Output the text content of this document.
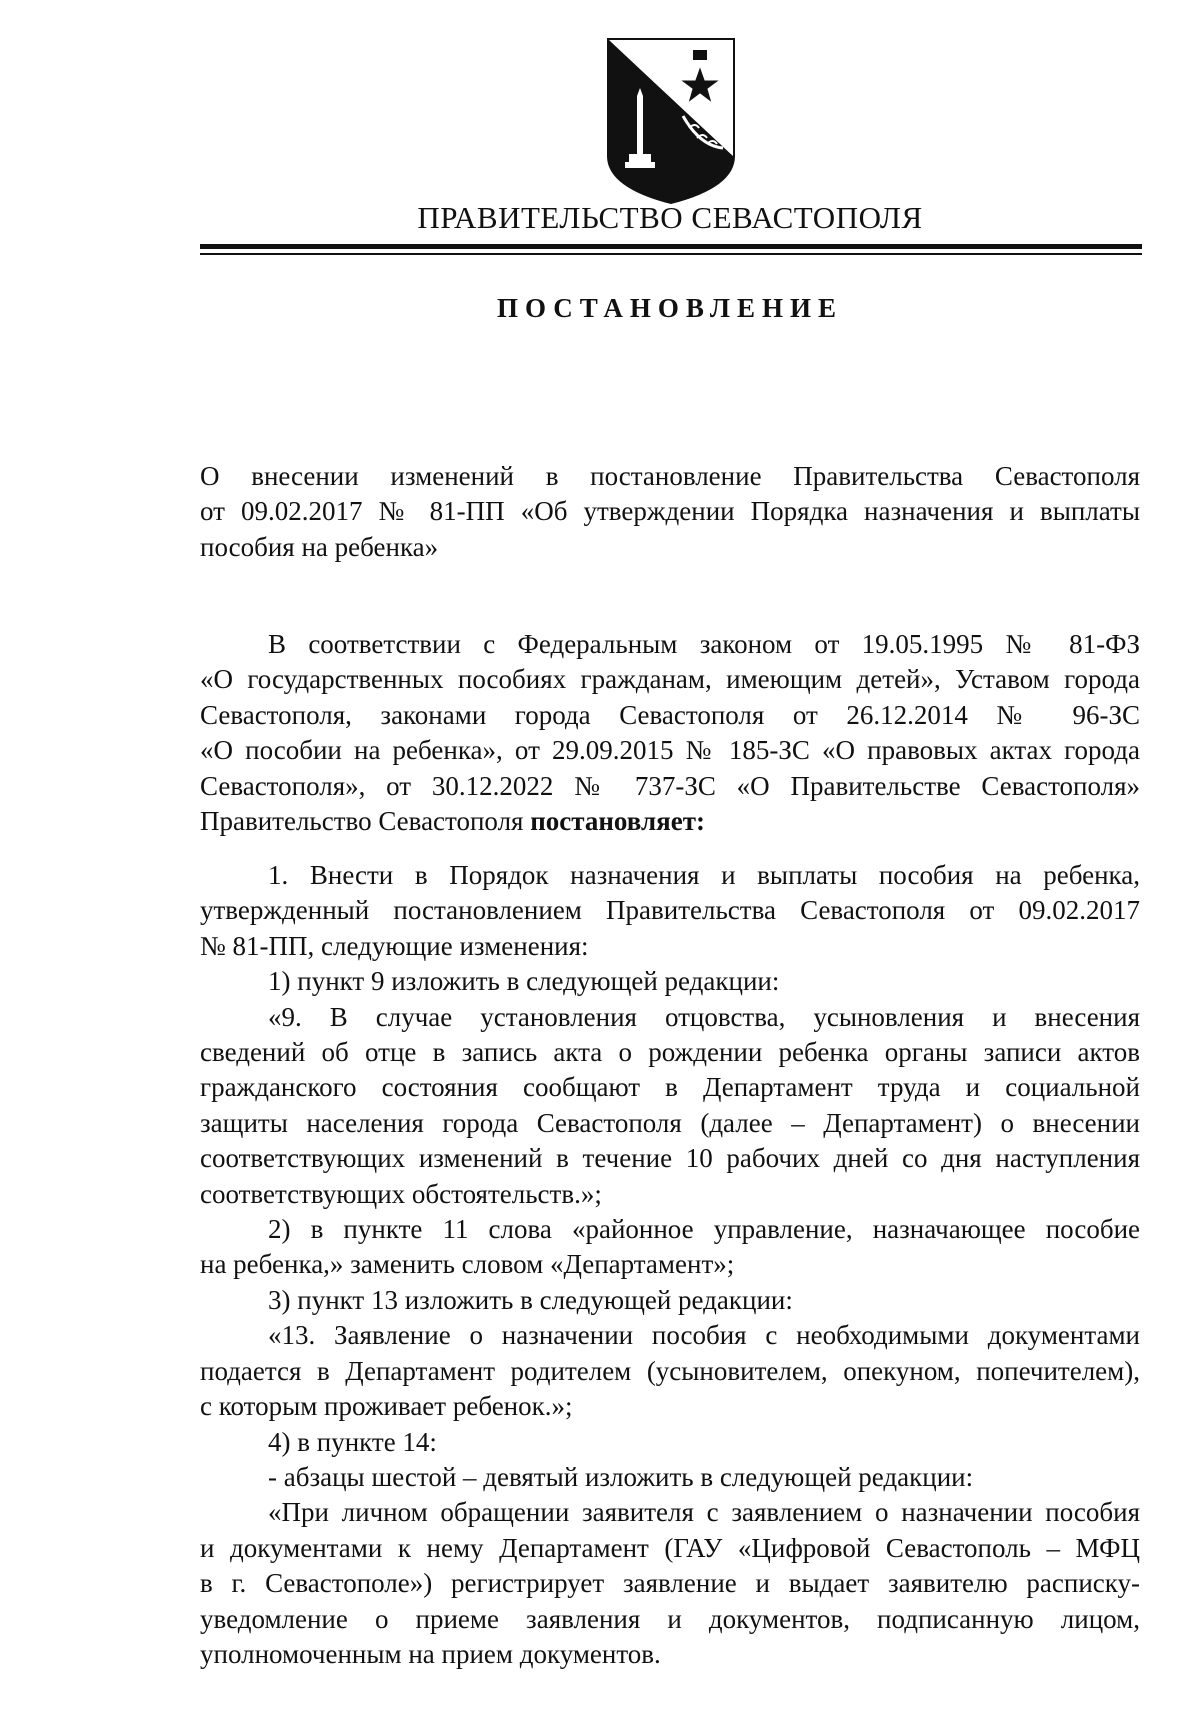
ПРАВИТЕЛЬСТВО СЕВАСТОПОЛЯ
ПОСТАНОВЛЕНИЕ

О внесении изменений в постановление Правительства Севастополя

от 09.02.2017 № 81-ПП «Об утверждении Порядка назначения и выплаты

пособия на ребенка»

В соответствии с Федеральным законом от 19.05.1995 № 81-ФЗ

«О государственных пособиях гражданам, имеющим детей», Уставом города

Севастополя, законами города Севастополя от 26.12.2014 № 96-ЗС

«О пособии на ребенка», от 29.09.2015 № 185-ЗС «О правовых актах города

Севастополя», от 30.12.2022 № 737-ЗС «О Правительстве Севастополя»

Правительство Севастополя постановляет:

1. Внести в Порядок назначения и выплаты пособия на ребенка,

утвержденный постановлением Правительства Севастополя от 09.02.2017

№ 81-ПП, следующие изменения:

1) пункт 9 изложить в следующей редакции:

«9. В случае установления отцовства, усыновления и внесения

сведений об отце в запись акта о рождении ребенка органы записи актов

гражданского состояния сообщают в Департамент труда и социальной

защиты населения города Севастополя (далее – Департамент) о внесении

соответствующих изменений в течение 10 рабочих дней со дня наступления

соответствующих обстоятельств.»;

2) в пункте 11 слова «районное управление, назначающее пособие

на ребенка,» заменить словом «Департамент»;

3) пункт 13 изложить в следующей редакции:

«13. Заявление о назначении пособия с необходимыми документами

подается в Департамент родителем (усыновителем, опекуном, попечителем),

с которым проживает ребенок.»;

4) в пункте 14:

- абзацы шестой – девятый изложить в следующей редакции:

«При личном обращении заявителя с заявлением о назначении пособия

и документами к нему Департамент (ГАУ «Цифровой Севастополь – МФЦ

в г. Севастополе») регистрирует заявление и выдает заявителю расписку-

уведомление о приеме заявления и документов, подписанную лицом,

уполномоченным на прием документов.
